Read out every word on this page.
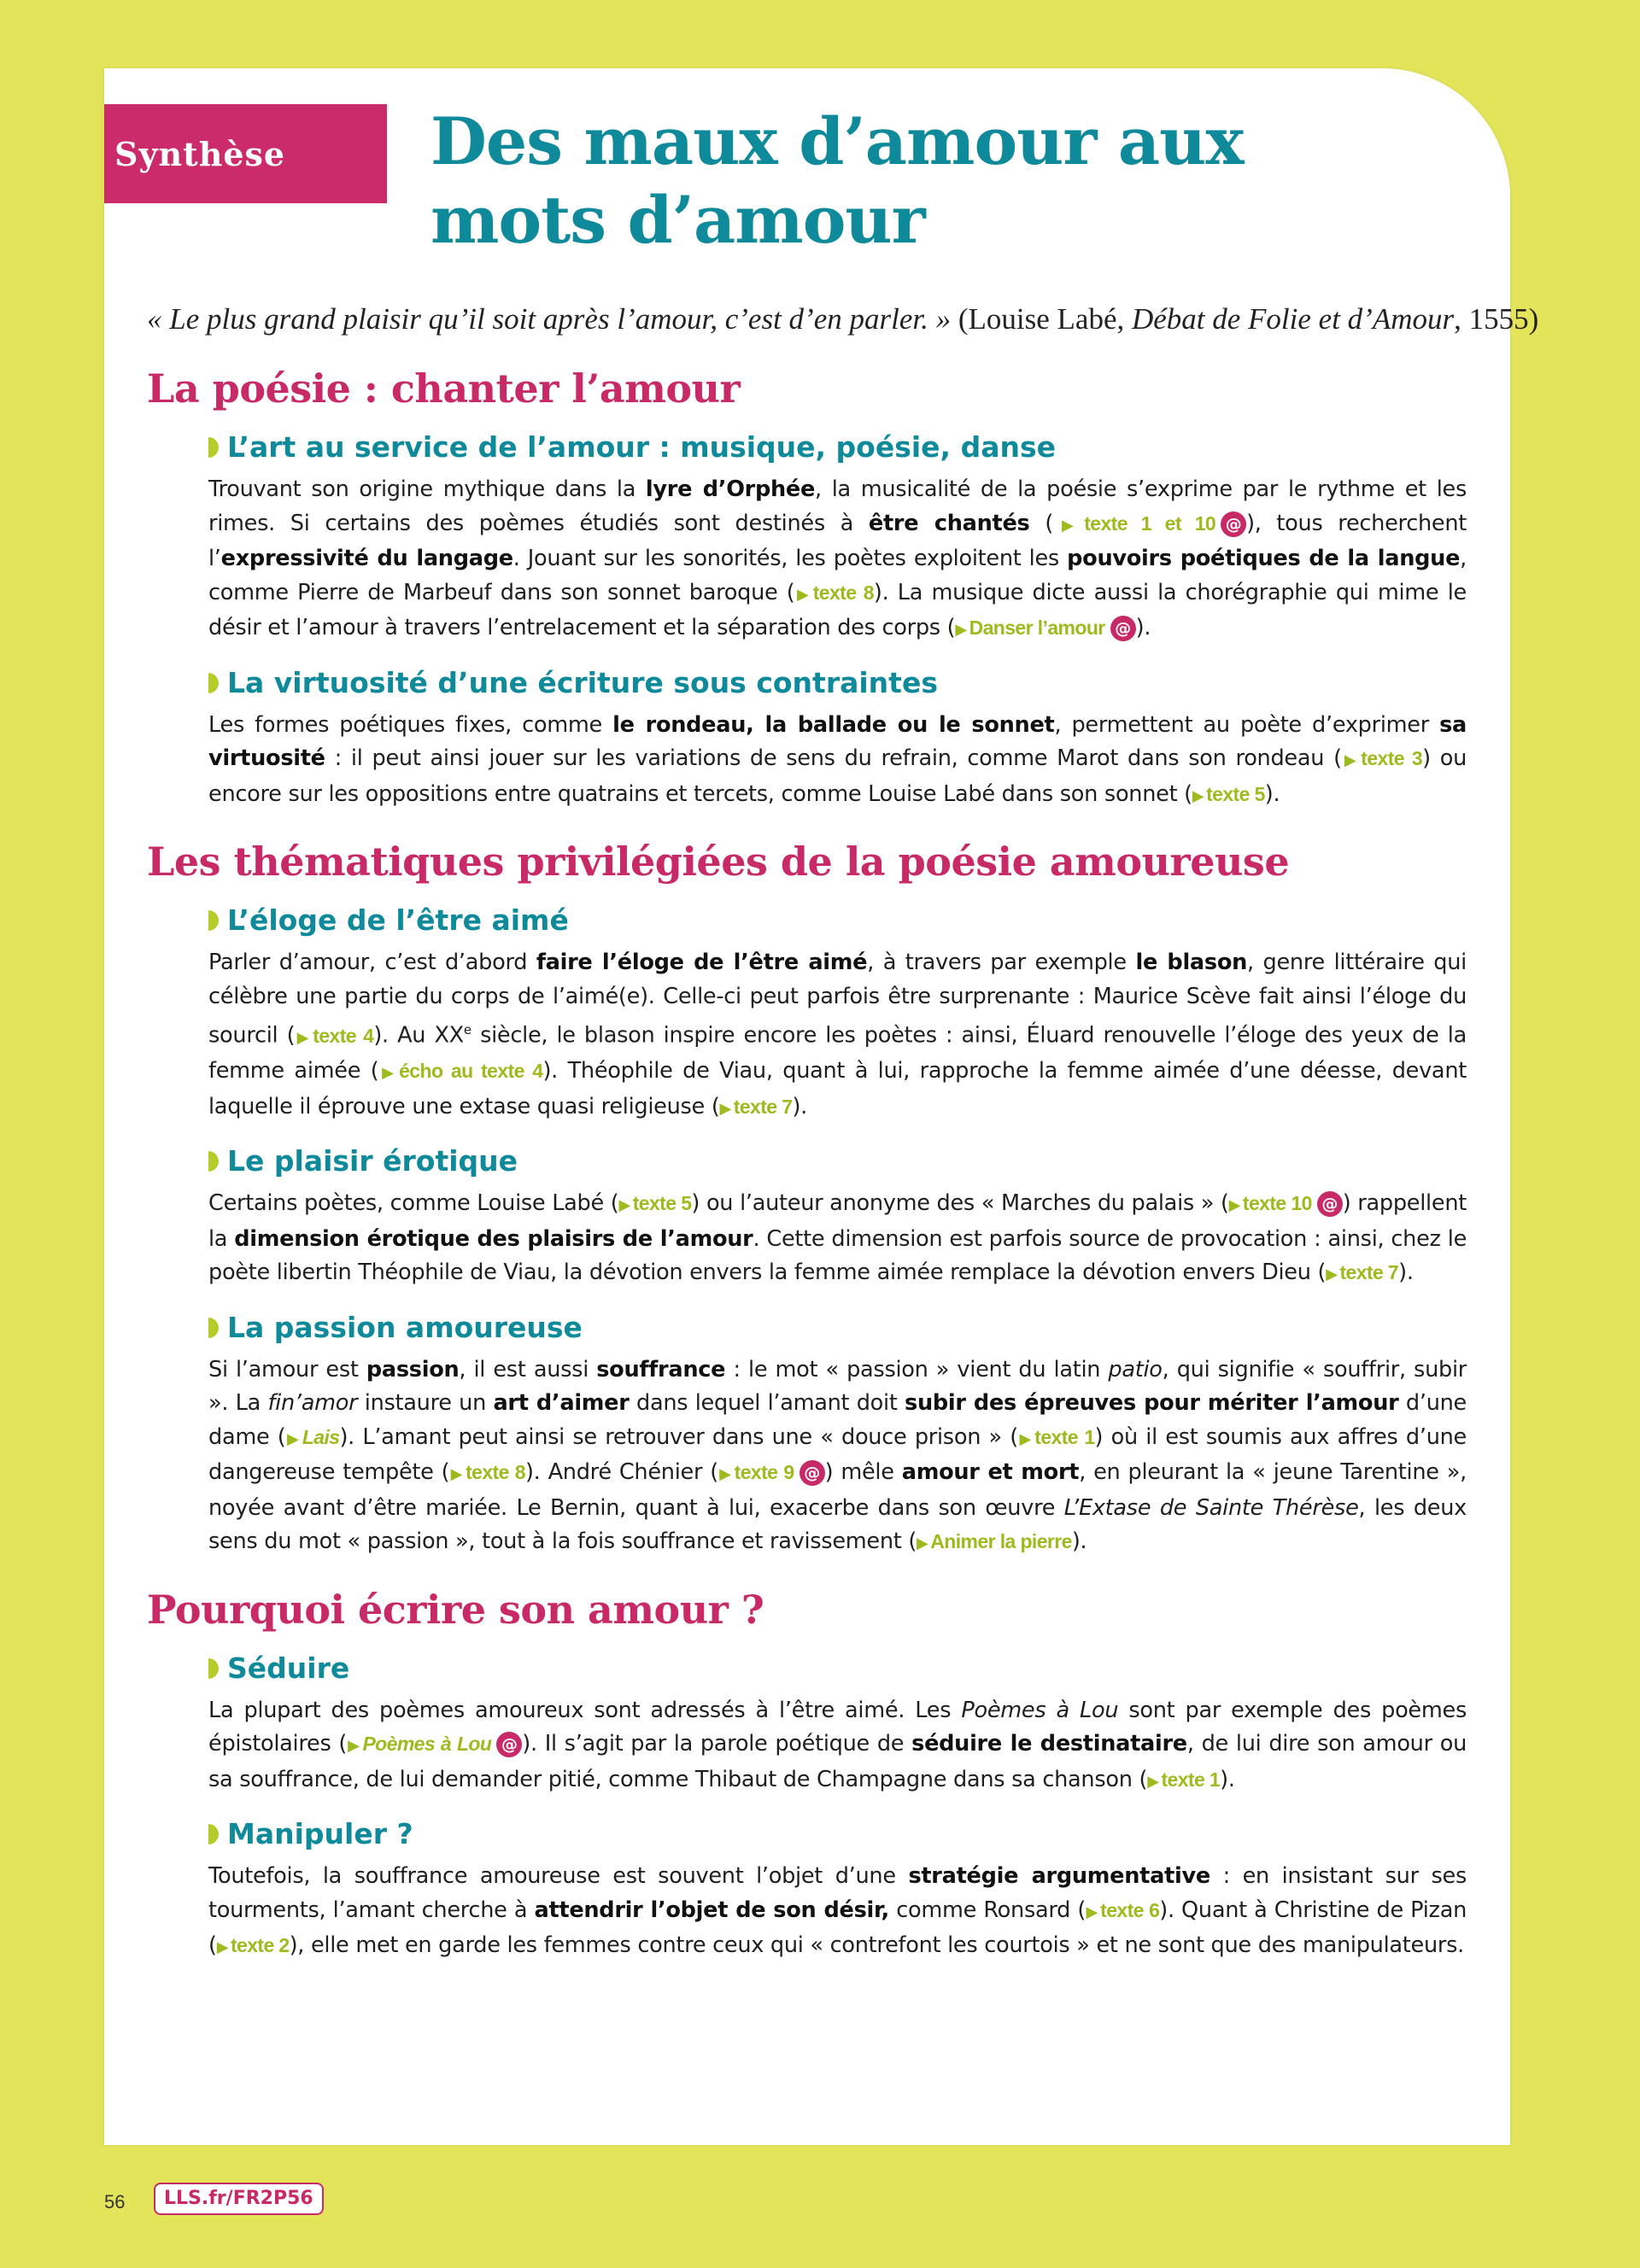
Synthèse	Des maux d’amour aux mots d’amour
« Le plus grand plaisir qu’il soit après l’amour, c’est d’en parler. » (Louise Labé, Débat de Folie et d’Amour, 1555)
La poésie : chanter l’amour
L’art au service de l’amour : musique, poésie, danse

Trouvant son origine mythique dans la lyre d’Orphée, la musicalité de la poésie s’exprime par le rythme et les rimes. Si certains des poèmes étudiés sont destinés à être chantés (▶ texte 1 et 10 @ ), tous recherchent l’expressivité du langage. Jouant sur les sonorités, les poètes exploitent les pouvoirs poétiques de la langue, comme Pierre de Marbeuf dans son sonnet baroque (▶ texte 8). La musique dicte aussi la chorégraphie qui mime le désir et l’amour à travers l’entrelacement et la séparation des corps (▶ Danser l’amour @ ).

La virtuosité d’une écriture sous contraintes

Les formes poétiques fixes, comme le rondeau, la ballade ou le sonnet, permettent au poète d’exprimer sa virtuosité : il peut ainsi jouer sur les variations de sens du refrain, comme Marot dans son rondeau (▶ texte 3) ou encore sur les oppositions entre quatrains et tercets, comme Louise Labé dans son sonnet (▶ texte 5).

Les thématiques privilégiées de la poésie amoureuse
L’éloge de l’être aimé

Parler d’amour, c’est d’abord faire l’éloge de l’être aimé, à travers par exemple le blason, genre littéraire qui célèbre une partie du corps de l’aimé(e). Celle-ci peut parfois être surprenante : Maurice Scève fait ainsi l’éloge du sourcil (▶ texte 4). Au XXe siècle, le blason inspire encore les poètes : ainsi, Éluard renouvelle l’éloge des yeux de la femme aimée (▶ écho au texte 4). Théophile de Viau, quant à lui, rapproche la femme aimée d’une déesse, devant laquelle il éprouve une extase quasi religieuse (▶ texte 7).

Le plaisir érotique

Certains poètes, comme Louise Labé (▶ texte 5) ou l’auteur anonyme des « Marches du palais » (▶ texte 10 @ ) rappellent la dimension érotique des plaisirs de l’amour. Cette dimension est parfois source de provocation : ainsi, chez le poète libertin Théophile de Viau, la dévotion envers la femme aimée remplace la dévotion envers Dieu (▶ texte 7).

La passion amoureuse

Si l’amour est passion, il est aussi souffrance : le mot « passion » vient du latin patio, qui signifie « souffrir, subir ». La fin’amor instaure un art d’aimer dans lequel l’amant doit subir des épreuves pour mériter l’amour d’une dame (▶ Lais). L’amant peut ainsi se retrouver dans une « douce prison » (▶ texte 1) où il est soumis aux affres d’une dangereuse tempête (▶ texte 8). André Chénier (▶ texte 9 @ ) mêle amour et mort, en pleurant la « jeune Tarentine », noyée avant d’être mariée. Le Bernin, quant à lui, exacerbe dans son œuvre L’Extase de Sainte Thérèse, les deux sens du mot « passion », tout à la fois souffrance et ravissement (▶ Animer la pierre).

Pourquoi écrire son amour ?
Séduire

La plupart des poèmes amoureux sont adressés à l’être aimé. Les Poèmes à Lou sont par exemple des poèmes épistolaires (▶ Poèmes à Lou @ ). Il s’agit par la parole poétique de séduire le destinataire, de lui dire son amour ou sa souffrance, de lui demander pitié, comme Thibaut de Champagne dans sa chanson (▶ texte 1).

Manipuler ?

Toutefois, la souffrance amoureuse est souvent l’objet d’une stratégie argumentative : en insistant sur ses tourments, l’amant cherche à attendrir l’objet de son désir, comme Ronsard (▶ texte 6). Quant à Christine de Pizan (▶ texte 2), elle met en garde les femmes contre ceux qui « contrefont les courtois » et ne sont que des manipulateurs.

56	LLS.fr/FR2P56
